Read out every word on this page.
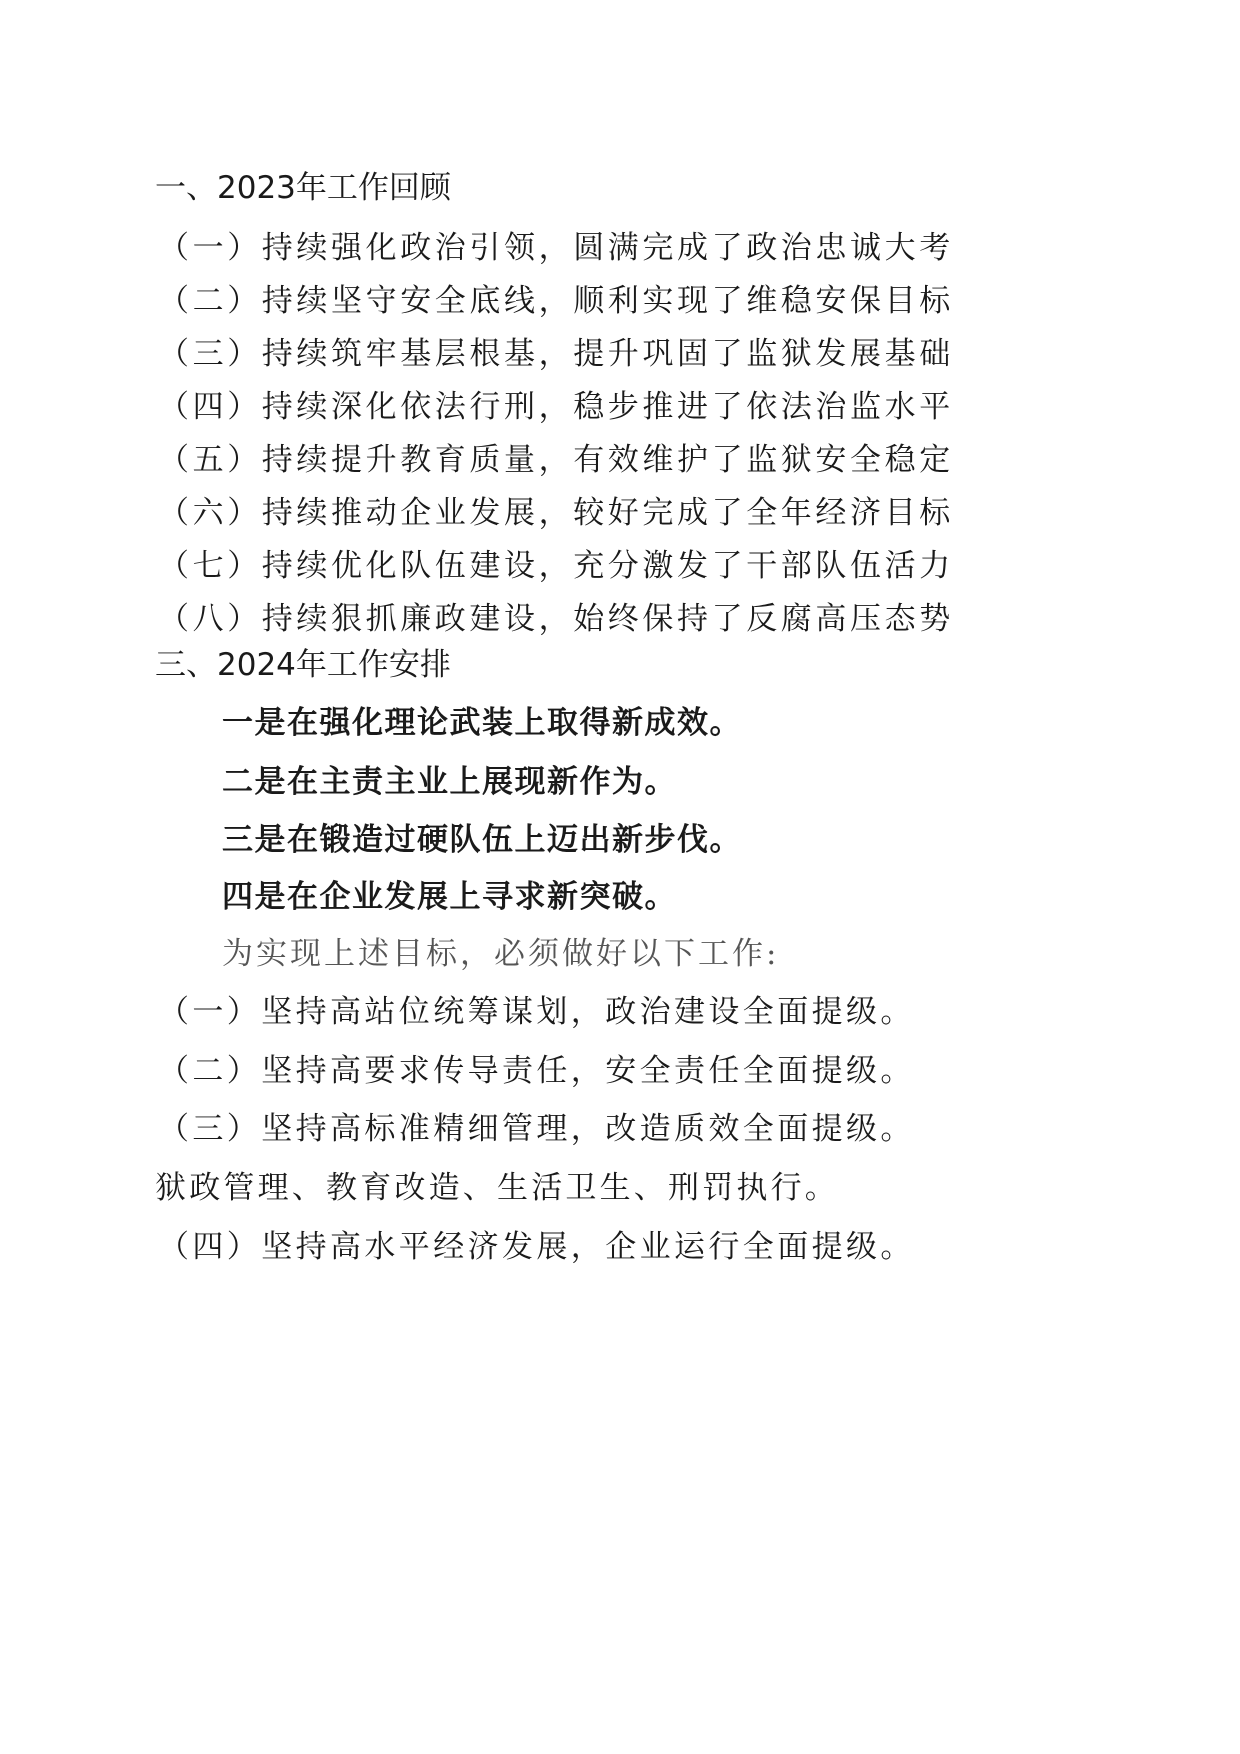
一、2023年工作回顾
（一）持续强化政治引领，圆满完成了政治忠诚大考
（二）持续坚守安全底线，顺利实现了维稳安保目标
（三）持续筑牢基层根基，提升巩固了监狱发展基础
（四）持续深化依法行刑，稳步推进了依法治监水平
（五）持续提升教育质量，有效维护了监狱安全稳定
（六）持续推动企业发展，较好完成了全年经济目标
（七）持续优化队伍建设，充分激发了干部队伍活力
（八）持续狠抓廉政建设，始终保持了反腐高压态势
三、2024年工作安排
一是在强化理论武装上取得新成效。
二是在主责主业上展现新作为。
三是在锻造过硬队伍上迈出新步伐。
四是在企业发展上寻求新突破。
为实现上述目标，必须做好以下工作:
（一）坚持高站位统筹谋划，政治建设全面提级。
（二）坚持高要求传导责任，安全责任全面提级。
（三）坚持高标准精细管理，改造质效全面提级。
狱政管理、教育改造、生活卫生、刑罚执行。
（四）坚持高水平经济发展，企业运行全面提级。
